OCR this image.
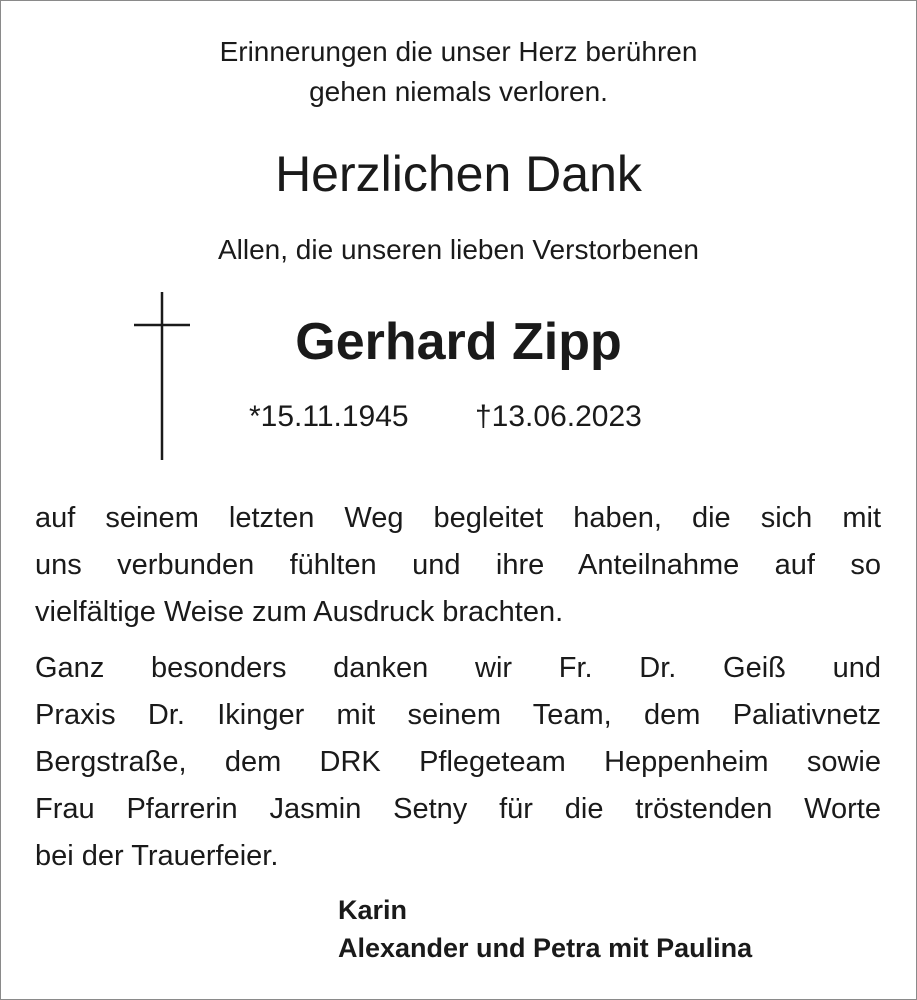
Erinnerungen die unser Herz berühren
gehen niemals verloren.
Herzlichen Dank
Allen, die unseren lieben Verstorbenen
Gerhard Zipp
*15.11.1945 †13.06.2023
auf seinem letzten Weg begleitet haben, die sich mit
uns verbunden fühlten und ihre Anteilnahme auf so
vielfältige Weise zum Ausdruck brachten.
Ganz besonders danken wir Fr. Dr. Geiß und
Praxis Dr. Ikinger mit seinem Team, dem Paliativnetz
Bergstraße, dem DRK Pflegeteam Heppenheim sowie
Frau Pfarrerin Jasmin Setny für die tröstenden Worte
bei der Trauerfeier.
Karin
Alexander und Petra mit Paulina
